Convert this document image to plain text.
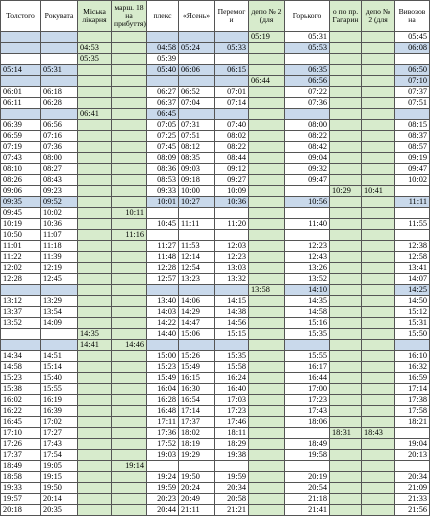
Толстого	Рокувата	Міська лікарня	марш. 18 на прибуття)	плекс	«Ясень»	Перемог и	депо № 2 (для	Горького	о по пр. Гагарин	депо № 2 (для	Вивозов на
							05:19	05:31			05:45
		04:53		04:58	05:24	05:33		05:53			06:08
		05:35		05:39							
05:14	05:31			05:40	06:06	06:15		06:35			06:50
							06:44	06:56			07:10
06:01	06:18			06:27	06:52	07:01		07:22			07:37
06:11	06:28			06:37	07:04	07:14		07:36			07:51
		06:41		06:45							
06:39	06:56			07:05	07:31	07:40		08:00			08:15
06:59	07:16			07:25	07:51	08:02		08:22			08:37
07:19	07:36			07:45	08:12	08:22		08:42			08:57
07:43	08:00			08:09	08:35	08:44		09:04			09:19
08:10	08:27			08:36	09:03	09:12		09:32			09:47
08:26	08:43			08:53	09:18	09:27		09:47			10:02
09:06	09:23			09:33	10:00	10:09			10:29	10:41	
09:35	09:52			10:01	10:27	10:36		10:56			11:11
09:45	10:02		10:11								
10:19	10:36			10:45	11:11	11:20		11:40			11:55
10:50	11:07		11:16								
11:01	11:18			11:27	11:53	12:03		12:23			12:38
11:22	11:39			11:48	12:14	12:23		12:43			12:58
12:02	12:19			12:28	12:54	13:03		13:26			13:41
12:28	12:45			12:57	13:23	13:32		13:52			14:07
							13:58	14:10			14:25
13:12	13:29			13:40	14:06	14:15		14:35			14:50
13:37	13:54			14:03	14:29	14:38		14:58			15:12
13:52	14:09			14:22	14:47	14:56		15:16			15:31
		14:35		14:40	15:06	15:15		15:35			15:50
		14:41	14:46								
14:34	14:51			15:00	15:26	15:35		15:55			16:10
14:58	15:14			15:23	15:49	15:58		16:17			16:32
15:23	15:40			15:49	16:15	16:24		16:44			16:59
15:38	15:55			16:04	16:30	16:40		17:00			17:14
16:02	16:19			16:28	16:54	17:03		17:23			17:38
16:22	16:39			16:48	17:14	17:23		17:43			17:58
16:45	17:02			17:11	17:37	17:46		18:06			18:21
17:10	17:27			17:36	18:02	18:11			18:31	18:43	
17:26	17:43			17:52	18:19	18:29		18:49			19:04
17:37	17:54			19:03	19:29	19:38		19:58			20:13
18:49	19:05		19:14								
18:58	19:15			19:24	19:50	19:59		20:19			20:34
19:33	19:50			19:59	20:24	20:34		20:54			21:09
19:57	20:14			20:23	20:49	20:58		21:18			21:33
20:18	20:35			20:44	21:11	21:21		21:41			21:56
